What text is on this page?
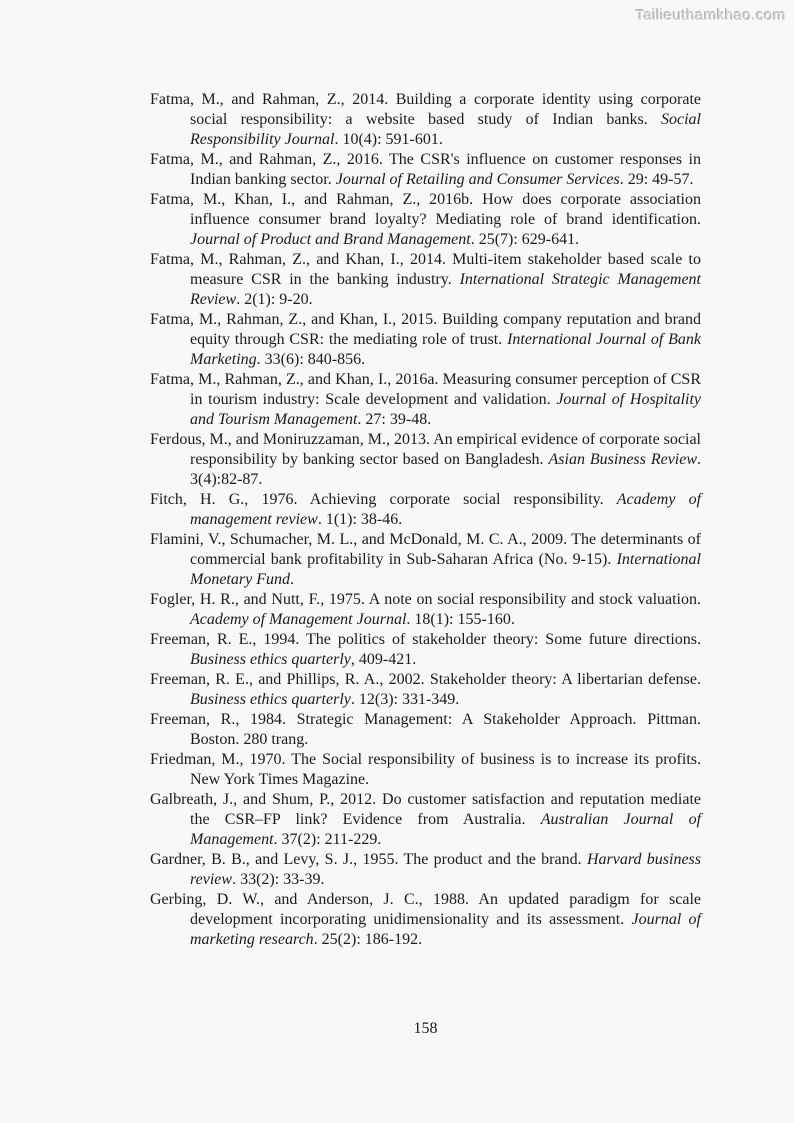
Tailieuthamkhao.com

Fatma, M., and Rahman, Z., 2014. Building a corporate identity using corporate social responsibility: a website based study of Indian banks. Social Responsibility Journal. 10(4): 591-601.

Fatma, M., and Rahman, Z., 2016. The CSR's influence on customer responses in Indian banking sector. Journal of Retailing and Consumer Services. 29: 49-57.

Fatma, M., Khan, I., and Rahman, Z., 2016b. How does corporate association influence consumer brand loyalty? Mediating role of brand identification. Journal of Product and Brand Management. 25(7): 629-641.

Fatma, M., Rahman, Z., and Khan, I., 2014. Multi-item stakeholder based scale to measure CSR in the banking industry. International Strategic Management Review. 2(1): 9-20.

Fatma, M., Rahman, Z., and Khan, I., 2015. Building company reputation and brand equity through CSR: the mediating role of trust. International Journal of Bank Marketing. 33(6): 840-856.

Fatma, M., Rahman, Z., and Khan, I., 2016a. Measuring consumer perception of CSR in tourism industry: Scale development and validation. Journal of Hospitality and Tourism Management. 27: 39-48.

Ferdous, M., and Moniruzzaman, M., 2013. An empirical evidence of corporate social responsibility by banking sector based on Bangladesh. Asian Business Review. 3(4):82-87.

Fitch, H. G., 1976. Achieving corporate social responsibility. Academy of management review. 1(1): 38-46.

Flamini, V., Schumacher, M. L., and McDonald, M. C. A., 2009. The determinants of commercial bank profitability in Sub-Saharan Africa (No. 9-15). International Monetary Fund.

Fogler, H. R., and Nutt, F., 1975. A note on social responsibility and stock valuation. Academy of Management Journal. 18(1): 155-160.

Freeman, R. E., 1994. The politics of stakeholder theory: Some future directions. Business ethics quarterly, 409-421.

Freeman, R. E., and Phillips, R. A., 2002. Stakeholder theory: A libertarian defense. Business ethics quarterly. 12(3): 331-349.

Freeman, R., 1984. Strategic Management: A Stakeholder Approach. Pittman. Boston. 280 trang.

Friedman, M., 1970. The Social responsibility of business is to increase its profits. New York Times Magazine.

Galbreath, J., and Shum, P., 2012. Do customer satisfaction and reputation mediate the CSR–FP link? Evidence from Australia. Australian Journal of Management. 37(2): 211-229.

Gardner, B. B., and Levy, S. J., 1955. The product and the brand. Harvard business review. 33(2): 33-39.

Gerbing, D. W., and Anderson, J. C., 1988. An updated paradigm for scale development incorporating unidimensionality and its assessment. Journal of marketing research. 25(2): 186-192.

158
